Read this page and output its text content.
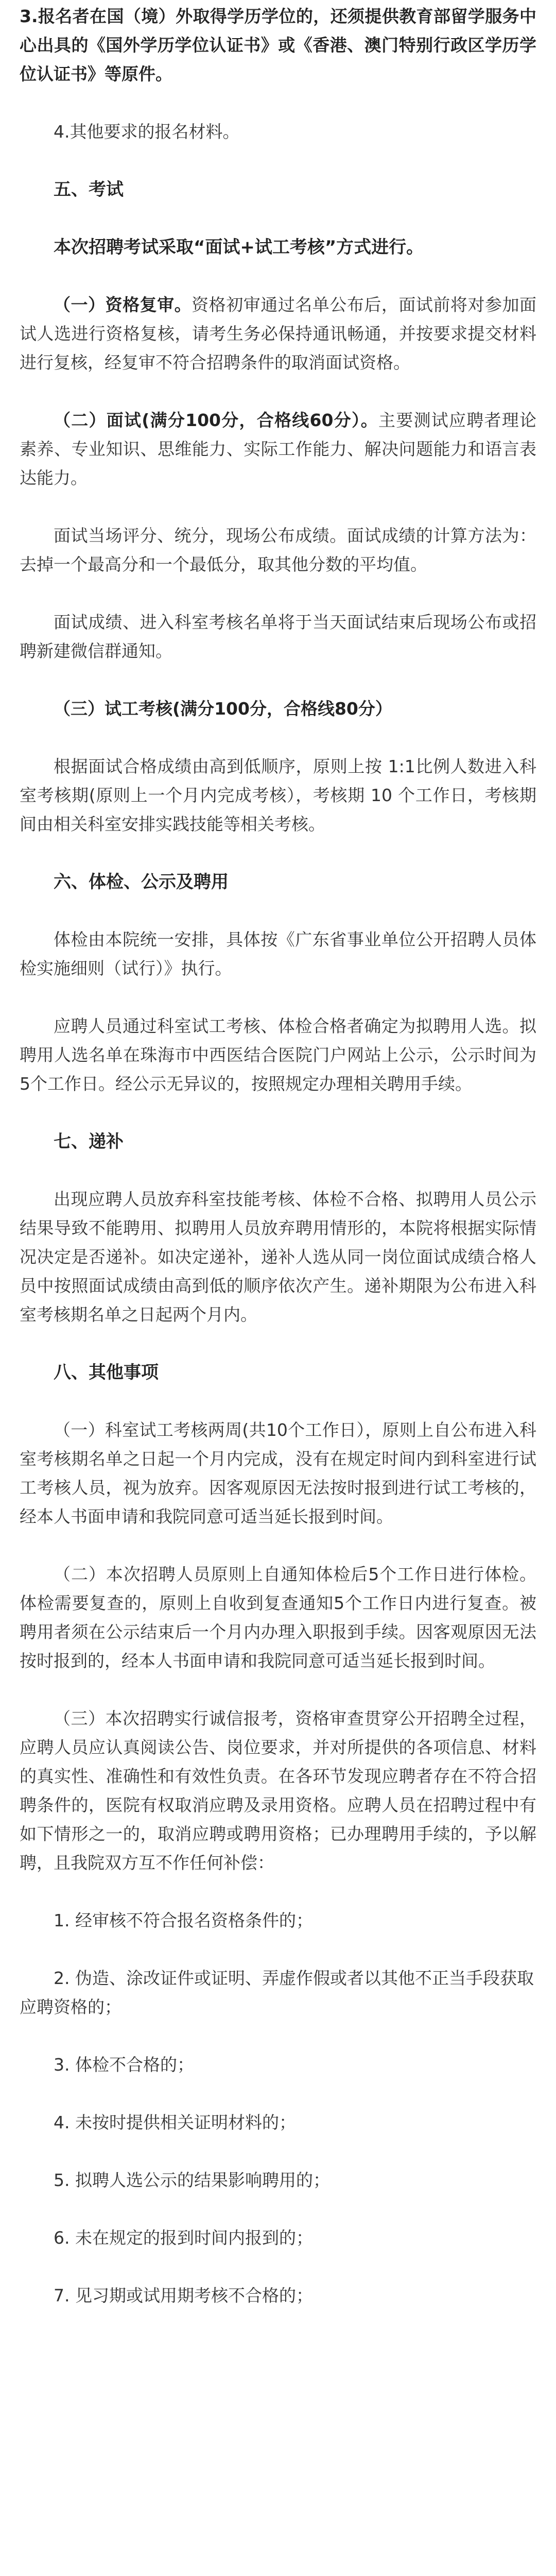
3.报名者在国（境）外取得学历学位的，还须提供教育部留学服务中心出具的《国外学历学位认证书》或《香港、澳门特别行政区学历学位认证书》等原件。
4.其他要求的报名材料。
五、考试
本次招聘考试采取“面试+试工考核”方式进行。
（一）资格复审。资格初审通过名单公布后，面试前将对参加面试人选进行资格复核，请考生务必保持通讯畅通，并按要求提交材料进行复核，经复审不符合招聘条件的取消面试资格。
（二）面试(满分100分，合格线60分）。主要测试应聘者理论素养、专业知识、思维能力、实际工作能力、解决问题能力和语言表达能力。
面试当场评分、统分，现场公布成绩。面试成绩的计算方法为：去掉一个最高分和一个最低分，取其他分数的平均值。
面试成绩、进入科室考核名单将于当天面试结束后现场公布或招聘新建微信群通知。
（三）试工考核(满分100分，合格线80分）
根据面试合格成绩由高到低顺序，原则上按 1:1比例人数进入科室考核期(原则上一个月内完成考核），考核期 10 个工作日，考核期间由相关科室安排实践技能等相关考核。
六、体检、公示及聘用
体检由本院统一安排，具体按《广东省事业单位公开招聘人员体检实施细则（试行）》执行。
应聘人员通过科室试工考核、体检合格者确定为拟聘用人选。拟聘用人选名单在珠海市中西医结合医院门户网站上公示，公示时间为5个工作日。经公示无异议的，按照规定办理相关聘用手续。
七、递补
出现应聘人员放弃科室技能考核、体检不合格、拟聘用人员公示结果导致不能聘用、拟聘用人员放弃聘用情形的，本院将根据实际情况决定是否递补。如决定递补，递补人选从同一岗位面试成绩合格人员中按照面试成绩由高到低的顺序依次产生。递补期限为公布进入科室考核期名单之日起两个月内。
八、其他事项
（一）科室试工考核两周(共10个工作日），原则上自公布进入科室考核期名单之日起一个月内完成，没有在规定时间内到科室进行试工考核人员，视为放弃。因客观原因无法按时报到进行试工考核的，经本人书面申请和我院同意可适当延长报到时间。
（二）本次招聘人员原则上自通知体检后5个工作日进行体检。体检需要复查的，原则上自收到复查通知5个工作日内进行复查。被聘用者须在公示结束后一个月内办理入职报到手续。因客观原因无法按时报到的，经本人书面申请和我院同意可适当延长报到时间。
（三）本次招聘实行诚信报考，资格审查贯穿公开招聘全过程，应聘人员应认真阅读公告、岗位要求，并对所提供的各项信息、材料的真实性、准确性和有效性负责。在各环节发现应聘者存在不符合招聘条件的，医院有权取消应聘及录用资格。应聘人员在招聘过程中有如下情形之一的，取消应聘或聘用资格；已办理聘用手续的，予以解聘，且我院双方互不作任何补偿：
1. 经审核不符合报名资格条件的；
2. 伪造、涂改证件或证明、弄虚作假或者以其他不正当手段获取应聘资格的；
3. 体检不合格的；
4. 未按时提供相关证明材料的；
5. 拟聘人选公示的结果影响聘用的；
6. 未在规定的报到时间内报到的；
7. 见习期或试用期考核不合格的；
